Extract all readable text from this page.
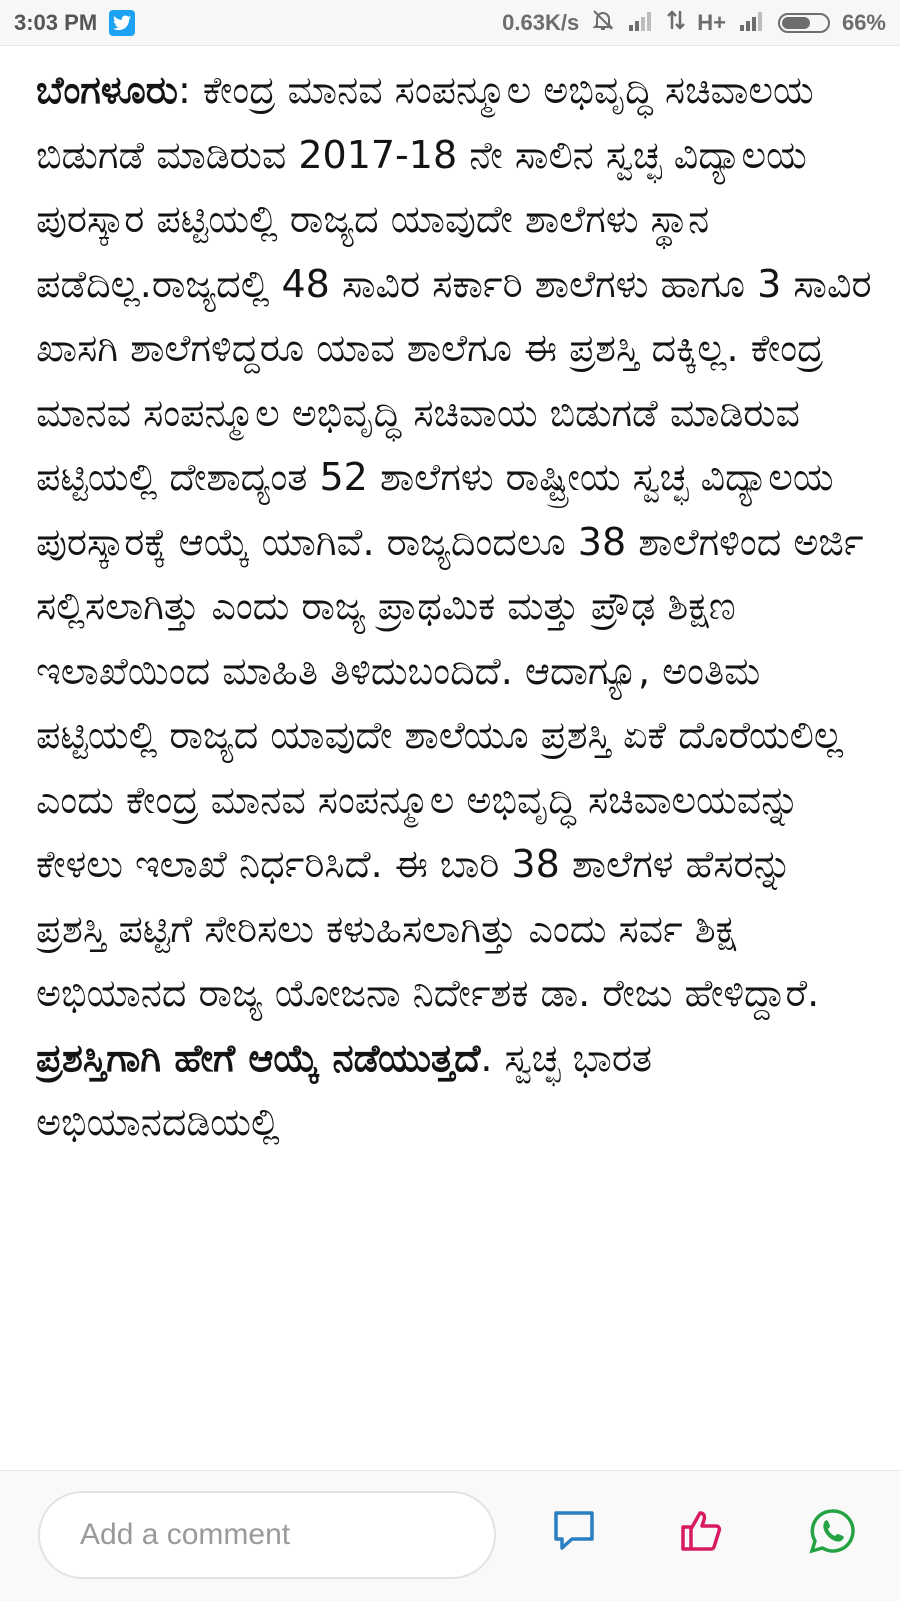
3:03 PM	0.63K/s	H+	66%

ಬೆಂಗಳೂರು: ಕೇಂದ್ರ ಮಾನವ ಸಂಪನ್ಮೂಲ ಅಭಿವೃದ್ಧಿ ಸಚಿವಾಲಯ ಬಿಡುಗಡೆ ಮಾಡಿರುವ 2017-18 ನೇ ಸಾಲಿನ ಸ್ವಚ್ಛ ವಿದ್ಯಾಲಯ ಪುರಸ್ಕಾರ ಪಟ್ಟಿಯಲ್ಲಿ ರಾಜ್ಯದ ಯಾವುದೇ ಶಾಲೆಗಳು ಸ್ಥಾನ ಪಡೆದಿಲ್ಲ.ರಾಜ್ಯದಲ್ಲಿ 48 ಸಾವಿರ ಸರ್ಕಾರಿ ಶಾಲೆಗಳು ಹಾಗೂ 3 ಸಾವಿರ ಖಾಸಗಿ ಶಾಲೆಗಳಿದ್ದರೂ ಯಾವ ಶಾಲೆಗೂ ಈ ಪ್ರಶಸ್ತಿ ದಕ್ಕಿಲ್ಲ. ಕೇಂದ್ರ ಮಾನವ ಸಂಪನ್ಮೂಲ ಅಭಿವೃದ್ಧಿ ಸಚಿವಾಯ ಬಿಡುಗಡೆ ಮಾಡಿರುವ ಪಟ್ಟಿಯಲ್ಲಿ ದೇಶಾದ್ಯಂತ 52 ಶಾಲೆಗಳು ರಾಷ್ಟ್ರೀಯ ಸ್ವಚ್ಛ ವಿದ್ಯಾಲಯ ಪುರಸ್ಕಾರಕ್ಕೆ ಆಯ್ಕೆ ಯಾಗಿವೆ. ರಾಜ್ಯದಿಂದಲೂ 38 ಶಾಲೆಗಳಿಂದ ಅರ್ಜಿ ಸಲ್ಲಿಸಲಾಗಿತ್ತು ಎಂದು ರಾಜ್ಯ ಪ್ರಾಥಮಿಕ ಮತ್ತು ಪ್ರೌಢ ಶಿಕ್ಷಣ ಇಲಾಖೆಯಿಂದ ಮಾಹಿತಿ ತಿಳಿದುಬಂದಿದೆ. ಆದಾಗ್ಯೂ, ಅಂತಿಮ ಪಟ್ಟಿಯಲ್ಲಿ ರಾಜ್ಯದ ಯಾವುದೇ ಶಾಲೆಯೂ ಪ್ರಶಸ್ತಿ ಏಕೆ ದೊರೆಯಲಿಲ್ಲ ಎಂದು ಕೇಂದ್ರ ಮಾನವ ಸಂಪನ್ಮೂಲ ಅಭಿವೃದ್ಧಿ ಸಚಿವಾಲಯವನ್ನು ಕೇಳಲು ಇಲಾಖೆ ನಿರ್ಧರಿಸಿದೆ. ಈ ಬಾರಿ 38 ಶಾಲೆಗಳ ಹೆಸರನ್ನು ಪ್ರಶಸ್ತಿ ಪಟ್ಟಿಗೆ ಸೇರಿಸಲು ಕಳುಹಿಸಲಾಗಿತ್ತು ಎಂದು ಸರ್ವ ಶಿಕ್ಷ ಅಭಿಯಾನದ ರಾಜ್ಯ ಯೋಜನಾ ನಿರ್ದೇಶಕ ಡಾ. ರೇಜು ಹೇಳಿದ್ದಾರೆ. ಪ್ರಶಸ್ತಿಗಾಗಿ ಹೇಗೆ ಆಯ್ಕೆ ನಡೆಯುತ್ತದೆ. ಸ್ವಚ್ಛ ಭಾರತ ಅಭಿಯಾನದಡಿಯಲ್ಲಿ

Add a comment
